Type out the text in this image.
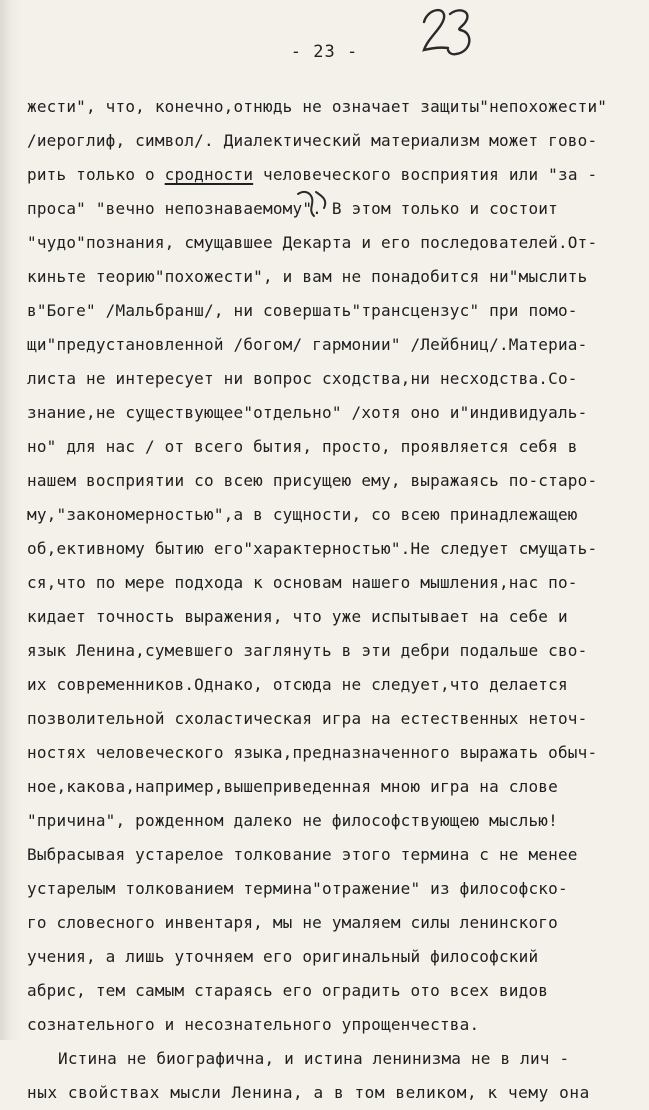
- 23 -
жести", что, конечно,отнюдь не означает защиты"непохожести"
/иероглиф, символ/. Диалектический материализм может гово-
рить только о сродности человеческого восприятия или "за -
проса" "вечно непознаваемому". В этом только и состоит
"чудо"познания, смущавшее Декарта и его последователей.От-
киньте теорию"похожести", и вам не понадобится ни"мыслить
в"Боге" /Мальбранш/, ни совершать"трансцензус" при помо-
щи"предустановленной /богом/ гармонии" /Лейбниц/.Материа-
листа не интересует ни вопрос сходства,ни несходства.Со-
знание,не существующее"отдельно" /хотя оно и"индивидуаль-
но" для нас / от всего бытия, просто, проявляется себя в
нашем восприятии со всею присущею ему, выражаясь по-старо-
му,"закономерностью",а в сущности, со всею принадлежащею
об,ективному бытию его"характерностью".Не следует смущать-
ся,что по мере подхода к основам нашего мышления,нас по-
кидает точность выражения, что уже испытывает на себе и
язык Ленина,сумевшего заглянуть в эти дебри подальше сво-
их современников.Однако, отсюда не следует,что делается
позволительной схоластическая игра на естественных неточ-
ностях человеческого языка,предназначенного выражать обыч-
ное,какова,например,вышеприведенная мною игра на слове
"причина", рожденном далеко не философствующею мыслью!
Выбрасывая устарелое толкование этого термина с не менее
устарелым толкованием термина"отражение" из философско-
го словесного инвентаря, мы не умаляем силы ленинского
учения, а лишь уточняем его оригинальный философский
абрис, тем самым стараясь его оградить ото всех видов
сознательного и несознательного упрощенчества.
Истина не биографична, и истина ленинизма не в лич -
ных свойствах мысли Ленина, а в том великом, к чему она
